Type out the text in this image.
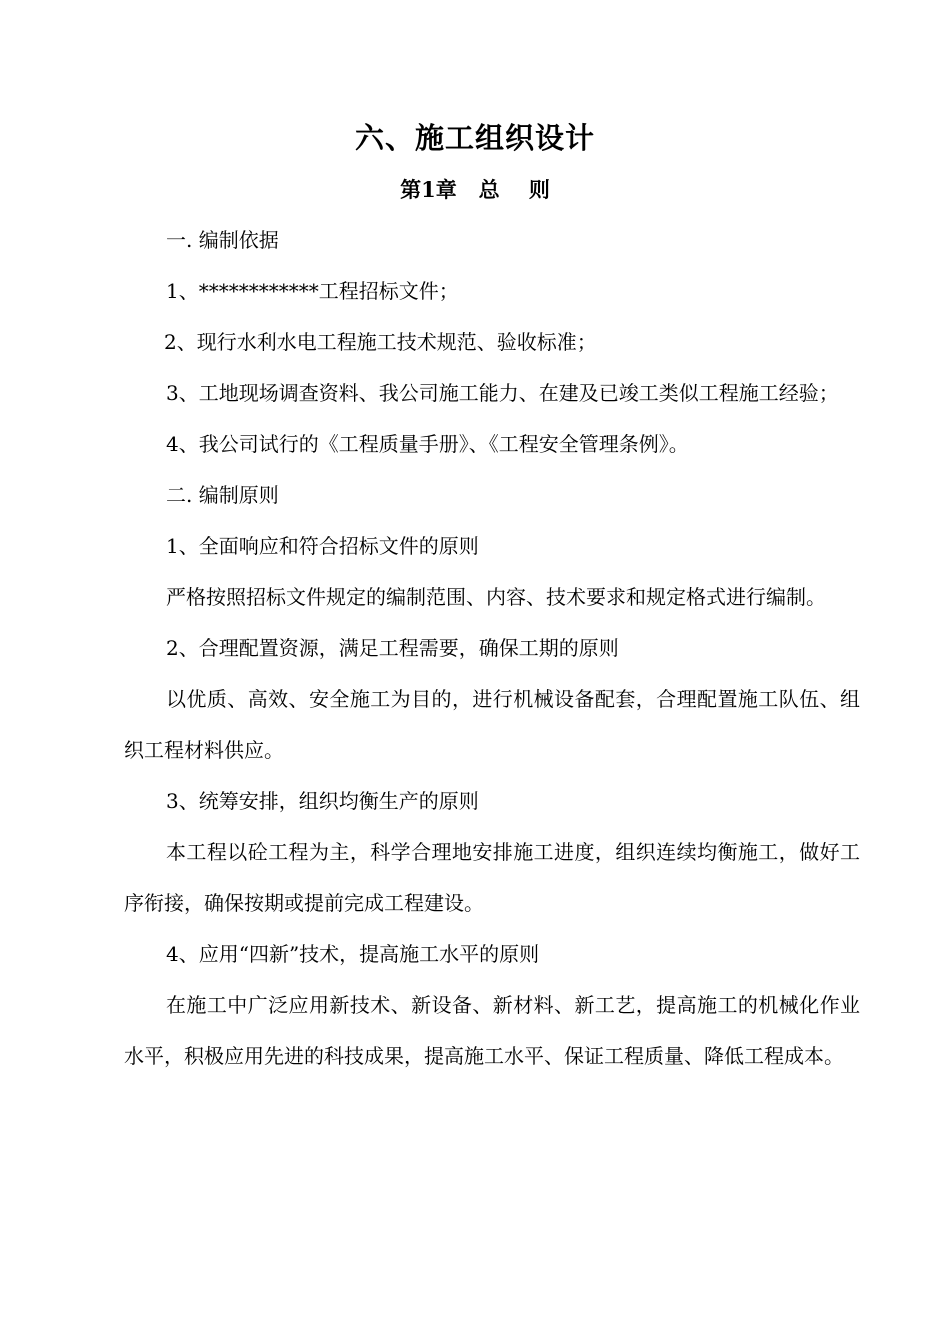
六、施工组织设计
第1章   总    则

一. 编制依据

1、************工程招标文件；

2、现行水利水电工程施工技术规范、验收标准；

3、工地现场调查资料、我公司施工能力、在建及已竣工类似工程施工经验；

4、我公司试行的《工程质量手册》、《工程安全管理条例》。

二. 编制原则

1、全面响应和符合招标文件的原则

严格按照招标文件规定的编制范围、内容、技术要求和规定格式进行编制。

2、合理配置资源，满足工程需要，确保工期的原则

以优质、高效、安全施工为目的，进行机械设备配套，合理配置施工队伍、组织工程材料供应。

3、统筹安排，组织均衡生产的原则

本工程以砼工程为主，科学合理地安排施工进度，组织连续均衡施工，做好工序衔接，确保按期或提前完成工程建设。

4、应用“四新”技术，提高施工水平的原则

在施工中广泛应用新技术、新设备、新材料、新工艺，提高施工的机械化作业水平，积极应用先进的科技成果，提高施工水平、保证工程质量、降低工程成本。
